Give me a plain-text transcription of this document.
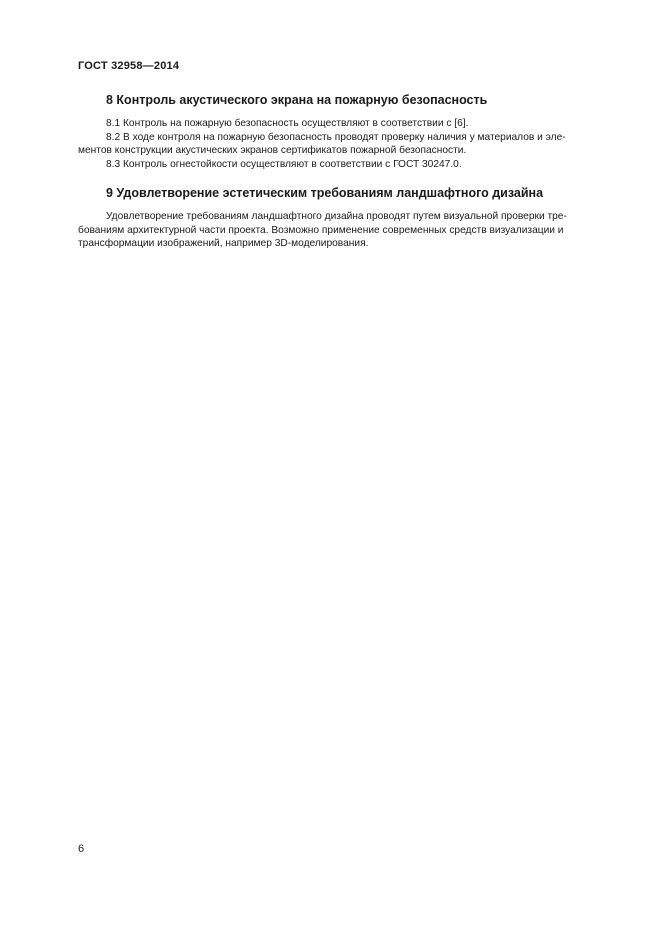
ГОСТ 32958—2014
8 Контроль акустического экрана на пожарную безопасность
8.1 Контроль на пожарную безопасность осуществляют в соответствии с [6].
8.2 В ходе контроля на пожарную безопасность проводят проверку наличия у материалов и эле-
ментов конструкции акустических экранов сертификатов пожарной безопасности.
8.3 Контроль огнестойкости осуществляют в соответствии с ГОСТ 30247.0.
9 Удовлетворение эстетическим требованиям ландшафтного дизайна
Удовлетворение требованиям ландшафтного дизайна проводят путем визуальной проверки тре-
бованиям архитектурной части проекта. Возможно применение современных средств визуализации и
трансформации изображений, например 3D-моделирования.
6
